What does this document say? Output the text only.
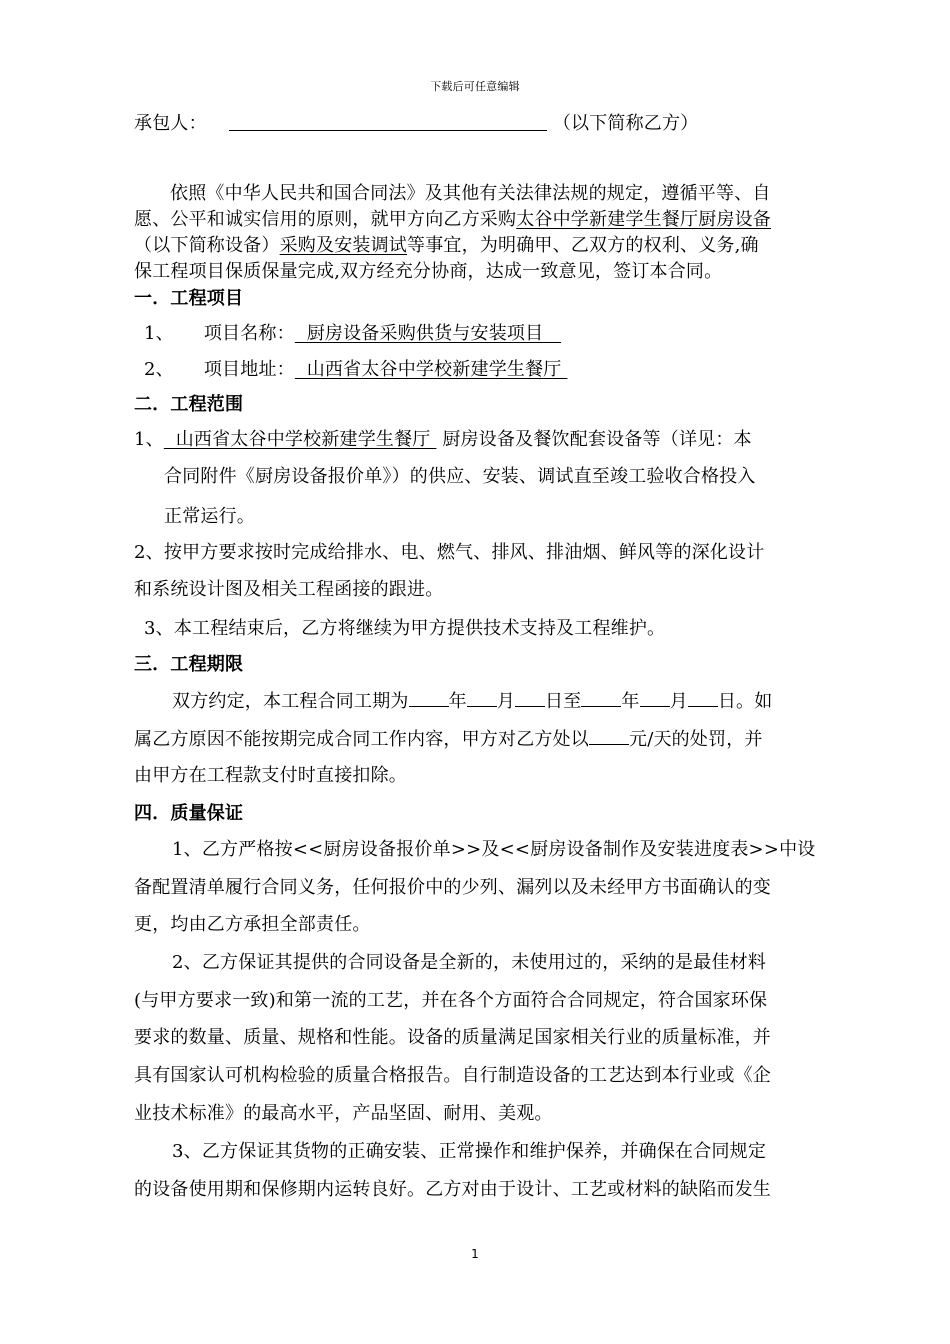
下载后可任意编辑
承包人：	（以下简称乙方）
依照《中华人民共和国合同法》及其他有关法律法规的规定，遵循平等、自
愿、公平和诚实信用的原则，就甲方向乙方采购太谷中学新建学生餐厅厨房设备
（以下简称设备）采购及安装调试等事宜，为明确甲、乙双方的权利、义务,确
保工程项目保质保量完成,双方经充分协商，达成一致意见，签订本合同。
一．工程项目
1、 项目名称：  厨房设备采购供货与安装项目
2、 项目地址：  山西省太谷中学校新建学生餐厅
二．工程范围
1、  山西省太谷中学校新建学生餐厅  厨房设备及餐饮配套设备等（详见：本
合同附件《厨房设备报价单》）的供应、安装、调试直至竣工验收合格投入
正常运行。
2、按甲方要求按时完成给排水、电、燃气、排风、排油烟、鲜风等的深化设计
和系统设计图及相关工程函接的跟进。
3、本工程结束后，乙方将继续为甲方提供技术支持及工程维护。
三．工程期限
双方约定，本工程合同工期为 年 月 日至 年 月 日。如
属乙方原因不能按期完成合同工作内容，甲方对乙方处以 元/天的处罚，并
由甲方在工程款支付时直接扣除。
四．质量保证
1、乙方严格按<<厨房设备报价单>>及<<厨房设备制作及安装进度表>>中设
备配置清单履行合同义务，任何报价中的少列、漏列以及未经甲方书面确认的变
更，均由乙方承担全部责任。
2、乙方保证其提供的合同设备是全新的，未使用过的，采纳的是最佳材料
(与甲方要求一致)和第一流的工艺，并在各个方面符合合同规定，符合国家环保
要求的数量、质量、规格和性能。设备的质量满足国家相关行业的质量标准，并
具有国家认可机构检验的质量合格报告。自行制造设备的工艺达到本行业或《企
业技术标准》的最高水平，产品坚固、耐用、美观。
3、乙方保证其货物的正确安装、正常操作和维护保养，并确保在合同规定
的设备使用期和保修期内运转良好。乙方对由于设计、工艺或材料的缺陷而发生
1
